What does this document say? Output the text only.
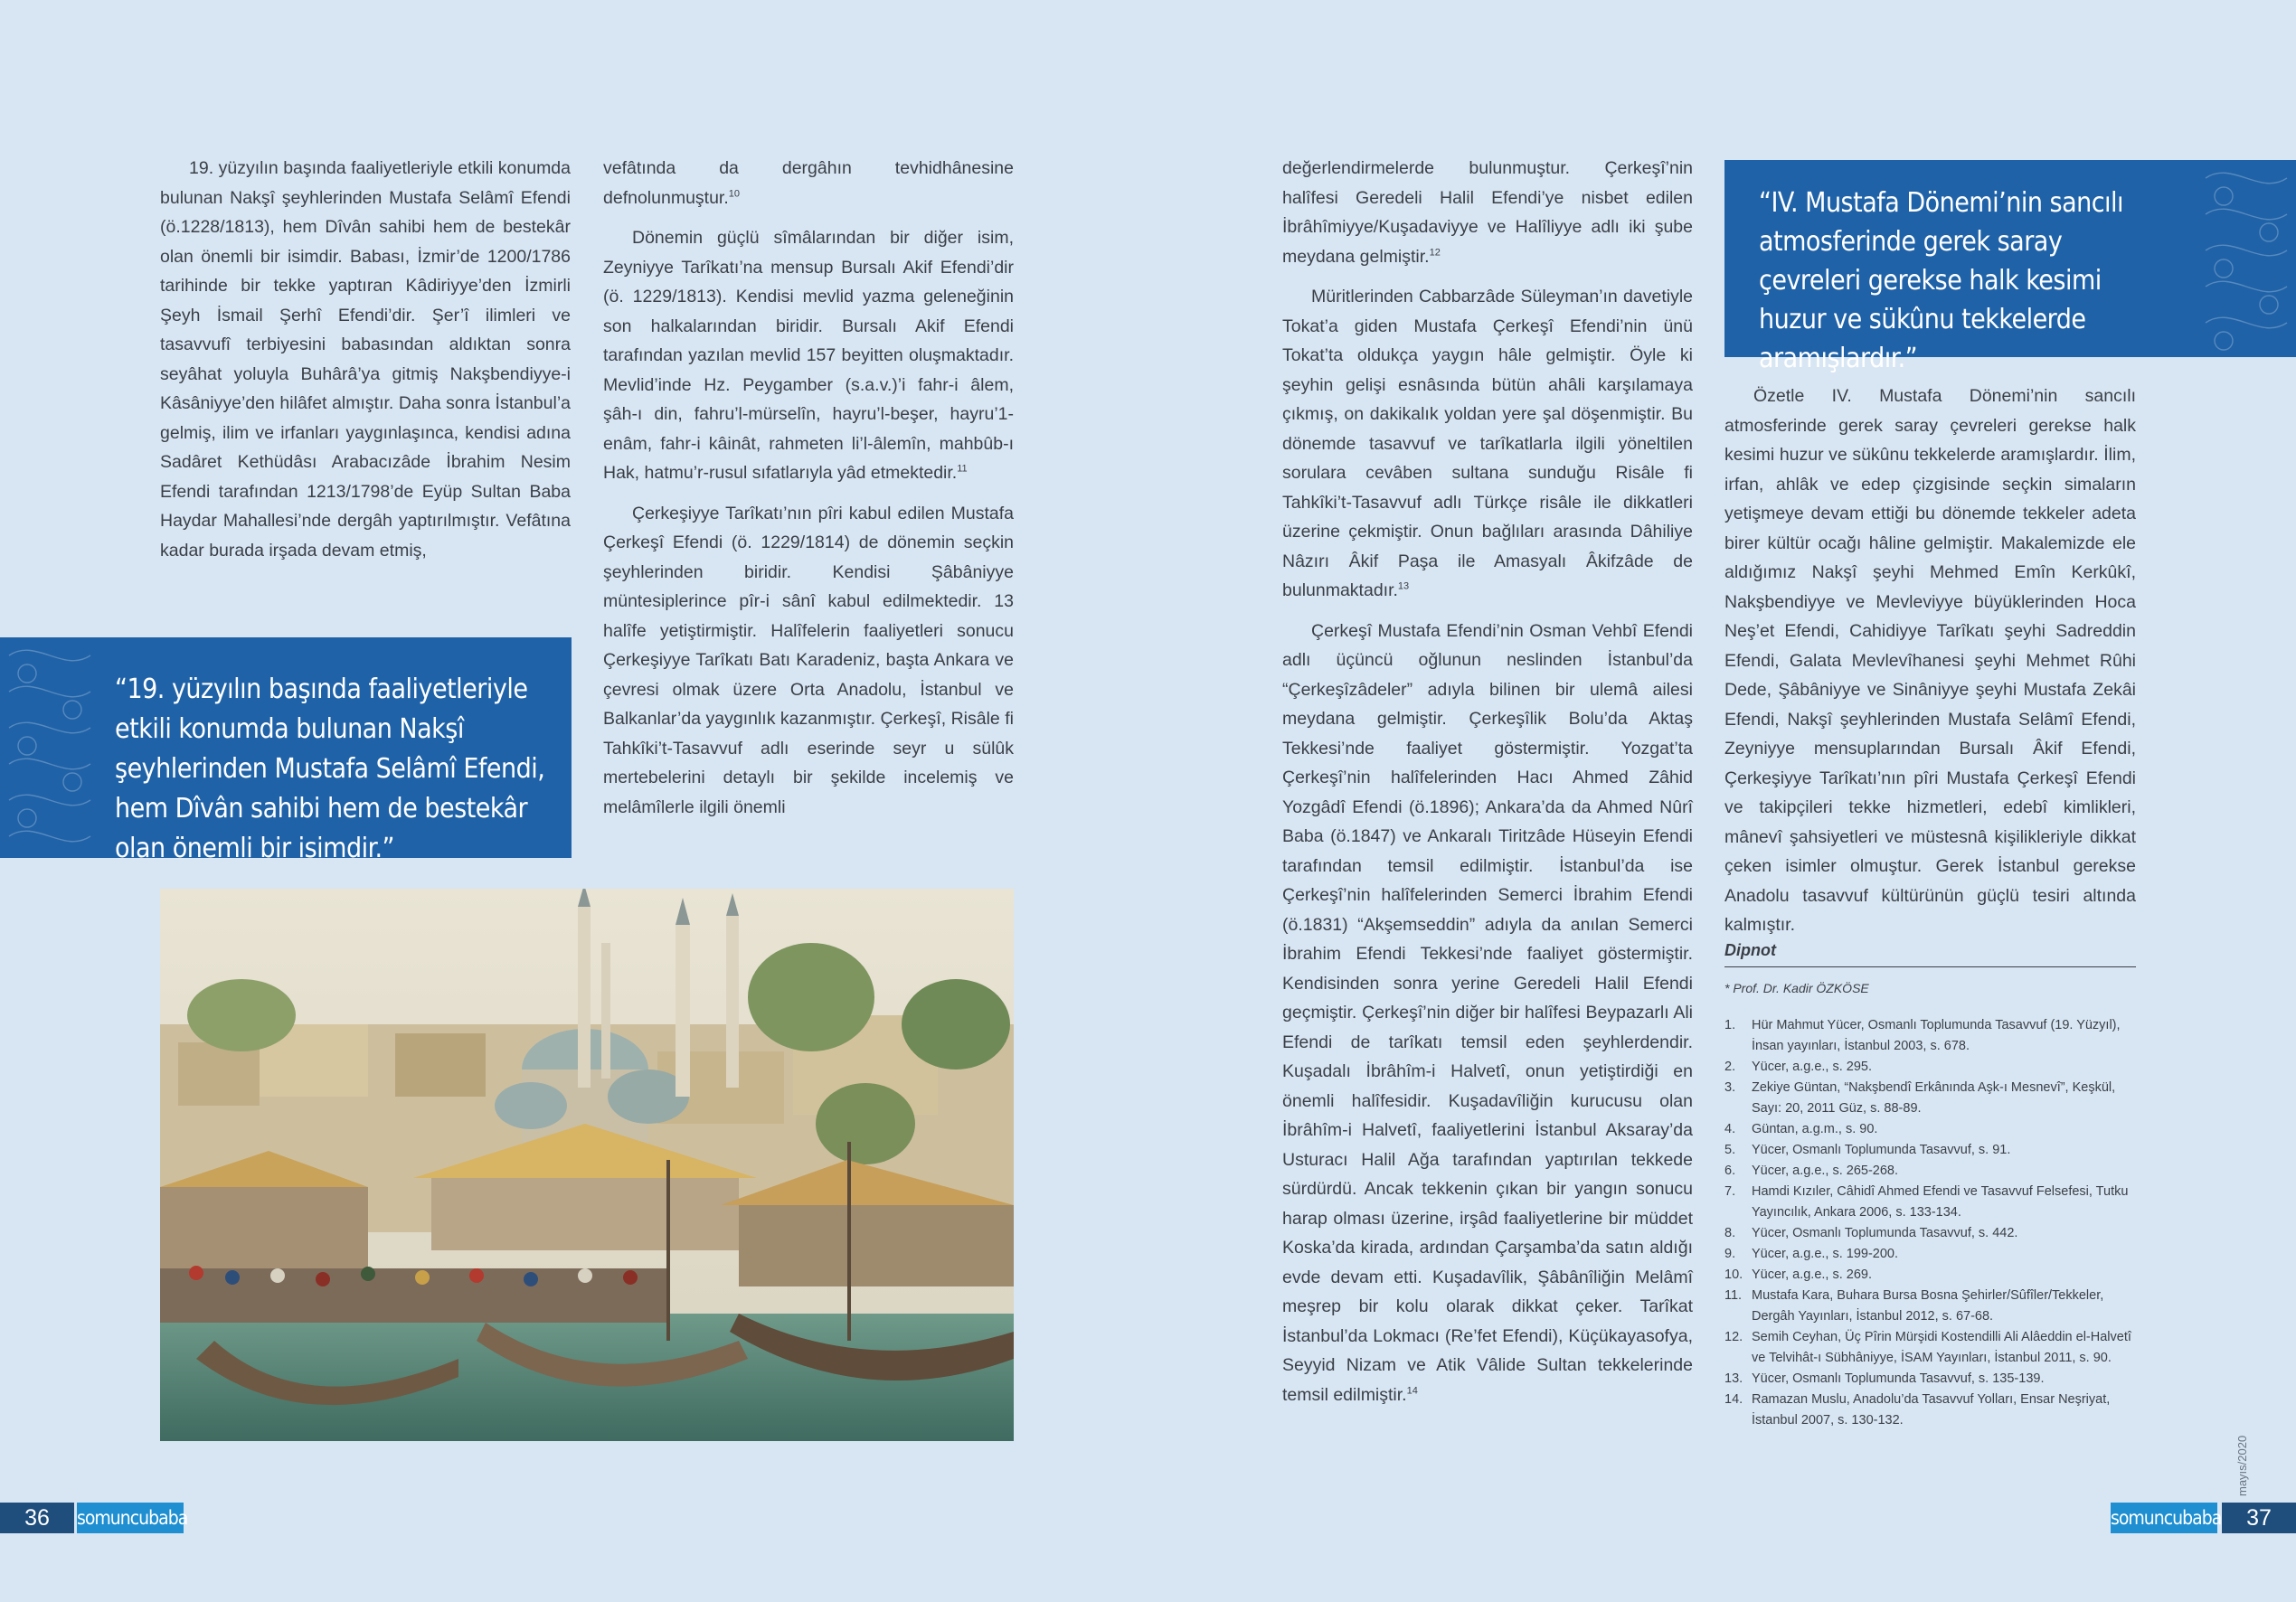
19. yüzyılın başında faaliyetleriyle etkili konumda bulunan Nakşî şeyhlerinden Mustafa Selâmî Efendi (ö.1228/1813), hem Dîvân sahibi hem de bestekâr olan önemli bir isimdir. Babası, İzmir’de 1200/1786 tarihinde bir tekke yaptıran Kâdiriyye’den İzmirli Şeyh İsmail Şerhî Efendi’dir. Şer’î ilimleri ve tasavvufî terbiyesini babasından aldıktan sonra seyâhat yoluyla Buhârâ’ya gitmiş Nakşbendiyye-i Kâsâniyye’den hilâfet almıştır. Daha sonra İstanbul’a gelmiş, ilim ve irfanları yaygınlaşınca, kendisi adına Sadâret Kethüdâsı Arabacızâde İbrahim Nesim Efendi tarafından 1213/1798’de Eyüp Sultan Baba Haydar Mahallesi’nde dergâh yaptırılmıştır. Vefâtına kadar burada irşada devam etmiş,

vefâtında da dergâhın tevhidhânesine defnolunmuştur.$^{10}$

Dönemin güçlü sîmâlarından bir diğer isim, Zeyniyye Tarîkatı’na mensup Bursalı Akif Efendi’dir (ö. 1229/1813). Kendisi mevlid yazma geleneğinin son halkalarından biridir. Bursalı Akif Efendi tarafından yazılan mevlid 157 beyitten oluşmaktadır. Mevlid’inde Hz. Peygamber (s.a.v.)’i fahr-i âlem, şâh-ı din, fahru’l-mürselîn, hayru’l-beşer, hayru’1-enâm, fahr-i kâinât, rahmeten li’l-âlemîn, mahbûb-ı Hak, hatmu’r-rusul sıfatlarıyla yâd etmektedir.$^{11}$

Çerkeşiyye Tarîkatı’nın pîri kabul edilen Mustafa Çerkeşî Efendi (ö. 1229/1814) de dönemin seçkin şeyhlerinden biridir. Kendisi Şâbâniyye müntesiplerince pîr-i sânî kabul edilmektedir. 13 halîfe yetiştirmiştir. Halîfelerin faaliyetleri sonucu Çerkeşiyye Tarîkatı Batı Karadeniz, başta Ankara ve çevresi olmak üzere Orta Anadolu, İstanbul ve Balkanlar’da yaygınlık kazanmıştır. Çerkeşî, Risâle fi Tahkîki’t-Tasavvuf adlı eserinde seyr u sülûk mertebelerini detaylı bir şekilde incelemiş ve melâmîlerle ilgili önemli

“19. yüzyılın başında faaliyetleriyle etkili konumda bulunan Nakşî şeyhlerinden Mustafa Selâmî Efendi, hem Dîvân sahibi hem de bestekâr olan önemli bir isimdir.”
36	somuncubaba

değerlendirmelerde bulunmuştur. Çerkeşî’nin halîfesi Geredeli Halil Efendi’ye nisbet edilen İbrâhîmiyye/Kuşadaviyye ve Halîliyye adlı iki şube meydana gelmiştir.$^{12}$

Müritlerinden Cabbarzâde Süleyman’ın davetiyle Tokat’a giden Mustafa Çerkeşî Efendi’nin ünü Tokat’ta oldukça yaygın hâle gelmiştir. Öyle ki şeyhin gelişi esnâsında bütün ahâli karşılamaya çıkmış, on dakikalık yoldan yere şal döşenmiştir. Bu dönemde tasavvuf ve tarîkatlarla ilgili yöneltilen sorulara cevâben sultana sunduğu Risâle fi Tahkîki’t-Tasavvuf adlı Türkçe risâle ile dikkatleri üzerine çekmiştir. Onun bağlıları arasında Dâhiliye Nâzırı Âkif Paşa ile Amasyalı Âkifzâde de bulunmaktadır.$^{13}$

Çerkeşî Mustafa Efendi’nin Osman Vehbî Efendi adlı üçüncü oğlunun neslinden İstanbul’da “Çerkeşîzâdeler” adıyla bilinen bir ulemâ ailesi meydana gelmiştir. Çerkeşîlik Bolu’da Aktaş Tekkesi’nde faaliyet göstermiştir. Yozgat’ta Çerkeşî’nin halîfelerinden Hacı Ahmed Zâhid Yozgâdî Efendi (ö.1896); Ankara’da da Ahmed Nûrî Baba (ö.1847) ve Ankaralı Tiritzâde Hüseyin Efendi tarafından temsil edilmiştir. İstanbul’da ise Çerkeşî’nin halîfelerinden Semerci İbrahim Efendi (ö.1831) “Akşemseddin” adıyla da anılan Semerci İbrahim Efendi Tekkesi’nde faaliyet göstermiştir. Kendisinden sonra yerine Geredeli Halil Efendi geçmiştir. Çerkeşî’nin diğer bir halîfesi Beypazarlı Ali Efendi de tarîkatı temsil eden şeyhlerdendir. Kuşadalı İbrâhîm-i Halvetî, onun yetiştirdiği en önemli halîfesidir. Kuşadavîliğin kurucusu olan İbrâhîm-i Halvetî, faaliyetlerini İstanbul Aksaray’da Usturacı Halil Ağa tarafından yaptırılan tekkede sürdürdü. Ancak tekkenin çıkan bir yangın sonucu harap olması üzerine, irşâd faaliyetlerine bir müddet Koska’da kirada, ardından Çarşamba’da satın aldığı evde devam etti. Kuşadavîlik, Şâbânîliğin Melâmî meşrep bir kolu olarak dikkat çeker. Tarîkat İstanbul’da Lokmacı (Re’fet Efendi), Küçükayasofya, Seyyid Nizam ve Atik Vâlide Sultan tekkelerinde temsil edilmiştir.$^{14}$

“IV. Mustafa Dönemi’nin sancılı atmosferinde gerek saray çevreleri gerekse halk kesimi huzur ve sükûnu tekkelerde aramışlardır.”

Özetle IV. Mustafa Dönemi’nin sancılı atmosferinde gerek saray çevreleri gerekse halk kesimi huzur ve sükûnu tekkelerde aramışlardır. İlim, irfan, ahlâk ve edep çizgisinde seçkin simaların yetişmeye devam ettiği bu dönemde tekkeler adeta birer kültür ocağı hâline gelmiştir. Makalemizde ele aldığımız Nakşî şeyhi Mehmed Emîn Kerkûkî, Nakşbendiyye ve Mevleviyye büyüklerinden Hoca Neş’et Efendi, Cahidiyye Tarîkatı şeyhi Sadreddin Efendi, Galata Mevlevîhanesi şeyhi Mehmet Rûhi Dede, Şâbâniyye ve Sinâniyye şeyhi Mustafa Zekâi Efendi, Nakşî şeyhlerinden Mustafa Selâmî Efendi, Zeyniyye mensuplarından Bursalı Âkif Efendi, Çerkeşiyye Tarîkatı’nın pîri Mustafa Çerkeşî Efendi ve takipçileri tekke hizmetleri, edebî kimlikleri, mânevî şahsiyetleri ve müstesnâ kişilikleriyle dikkat çeken isimler olmuştur. Gerek İstanbul gerekse Anadolu tasavvuf kültürünün güçlü tesiri altında kalmıştır.

Dipnot
* Prof. Dr. Kadir ÖZKÖSE
1.	Hür Mahmut Yücer, Osmanlı Toplumunda Tasavvuf (19. Yüzyıl), İnsan yayınları, İstanbul 2003, s. 678.
2.	Yücer, a.g.e., s. 295.
3.	Zekiye Güntan, “Nakşbendî Erkânında Aşk-ı Mesnevî”, Keşkül, Sayı: 20, 2011 Güz, s. 88-89.
4.	Güntan, a.g.m., s. 90.
5.	Yücer, Osmanlı Toplumunda Tasavvuf, s. 91.
6.	Yücer, a.g.e., s. 265-268.
7.	Hamdi Kızıler, Câhidî Ahmed Efendi ve Tasavvuf Felsefesi, Tutku Yayıncılık, Ankara 2006, s. 133-134.
8.	Yücer, Osmanlı Toplumunda Tasavvuf, s. 442.
9.	Yücer, a.g.e., s. 199-200.
10. Yücer, a.g.e., s. 269.
11. Mustafa Kara, Buhara Bursa Bosna Şehirler/Sûfîler/Tekkeler, Dergâh Yayınları, İstanbul 2012, s. 67-68.
12. Semih Ceyhan, Üç Pîrin Mürşidi Kostendilli Ali Alâeddin el-Halvetî ve Telvihât-ı Sübhâniyye, İSAM Yayınları, İstanbul 2011, s. 90.
13. Yücer, Osmanlı Toplumunda Tasavvuf, s. 135-139.
14. Ramazan Muslu, Anadolu’da Tasavvuf Yolları, Ensar Neşriyat, İstanbul 2007, s. 130-132.
mayıs/2020
somuncubaba	37
